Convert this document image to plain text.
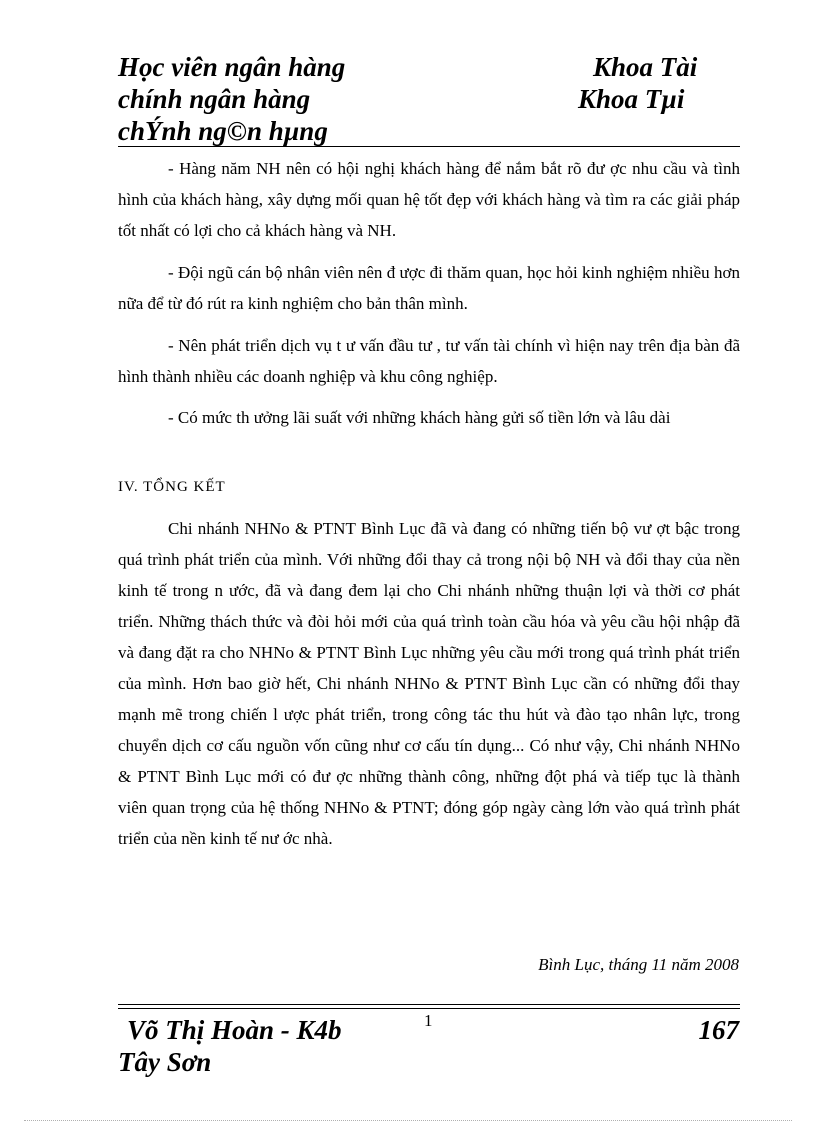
Học viên ngân hàng
chính ngân hàng
chÝnh ng©n hµng
Khoa Tài
Khoa Tµi

- Hàng năm NH nên có hội nghị khách hàng để nắm bắt rõ đư ợc nhu cầu và tình hình của khách hàng, xây dựng mối quan hệ tốt đẹp với khách hàng và tìm ra các giải pháp tốt nhất có lợi cho cả khách hàng và NH.

- Đội ngũ cán bộ nhân viên nên đ ược đi thăm quan, học hỏi kinh nghiệm nhiều hơn nữa để từ đó rút ra kinh nghiệm cho bản thân mình.

- Nên phát triển dịch vụ t ư vấn đầu tư , tư vấn tài chính vì hiện nay trên địa bàn đã hình thành nhiều các doanh nghiệp và khu công nghiệp.

- Có mức th ưởng lãi suất với những khách hàng gửi số tiền lớn và lâu dài

IV. TỔNG KẾT

Chi nhánh NHNo & PTNT Bình Lục đã và đang có những tiến bộ vư ợt bậc trong quá trình phát triển của mình. Với những đổi thay cả trong nội bộ NH và đổi thay của nền kinh tế trong n ước, đã và đang đem lại cho Chi nhánh những thuận lợi và thời cơ phát triển. Những thách thức và đòi hỏi mới của quá trình toàn cầu hóa và yêu cầu hội nhập đã và đang đặt ra cho NHNo & PTNT Bình Lục những yêu cầu mới trong quá trình phát triển của mình. Hơn bao giờ hết, Chi nhánh NHNo & PTNT Bình Lục cần có những đổi thay mạnh mẽ trong chiến l ược phát triển, trong công tác thu hút và đào tạo nhân lực, trong chuyển dịch cơ cấu nguồn vốn cũng như cơ cấu tín dụng... Có như vậy, Chi nhánh NHNo & PTNT Bình Lục mới có đư ợc những thành công, những đột phá và tiếp tục là thành viên quan trọng của hệ thống NHNo & PTNT; đóng góp ngày càng lớn vào quá trình phát triển của nền kinh tế nư ớc nhà.

Bình Lục, tháng 11 năm 2008
Võ Thị Hoàn - K4b
Tây Sơn
1	167
